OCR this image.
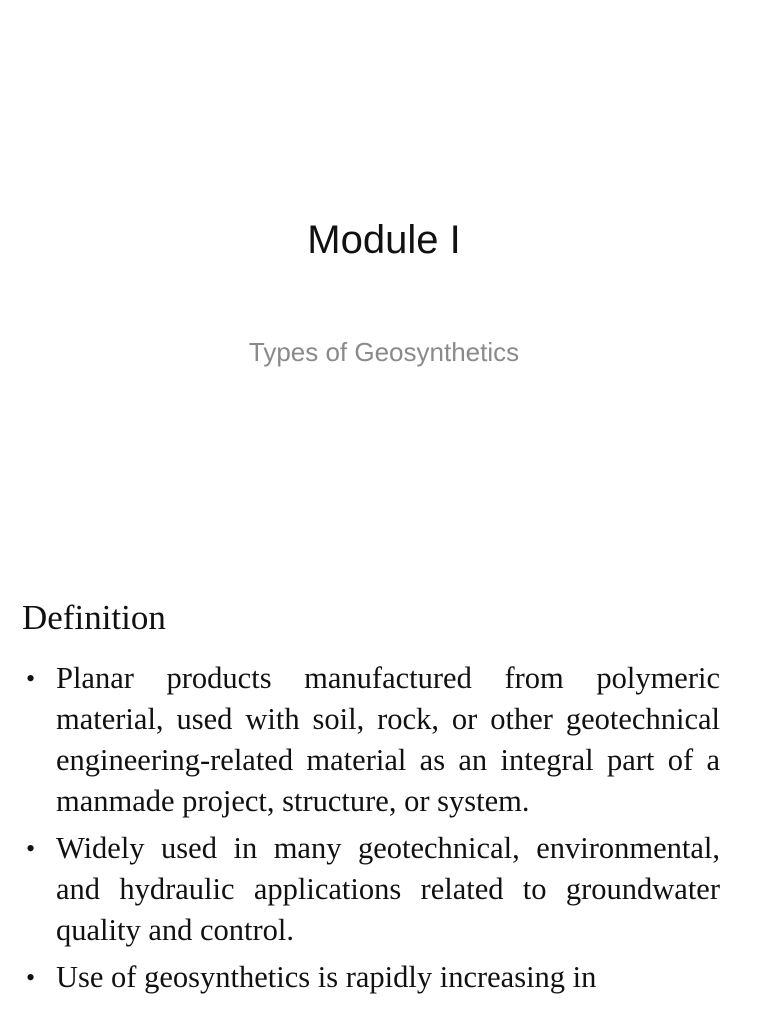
Module I
Types of Geosynthetics
Definition
• Planar products manufactured from polymeric material, used with soil, rock, or other geotechnical engineering-related material as an integral part of a manmade project, structure, or system.
• Widely used in many geotechnical, environmental, and hydraulic applications related to groundwater quality and control.
• Use of geosynthetics is rapidly increasing in
